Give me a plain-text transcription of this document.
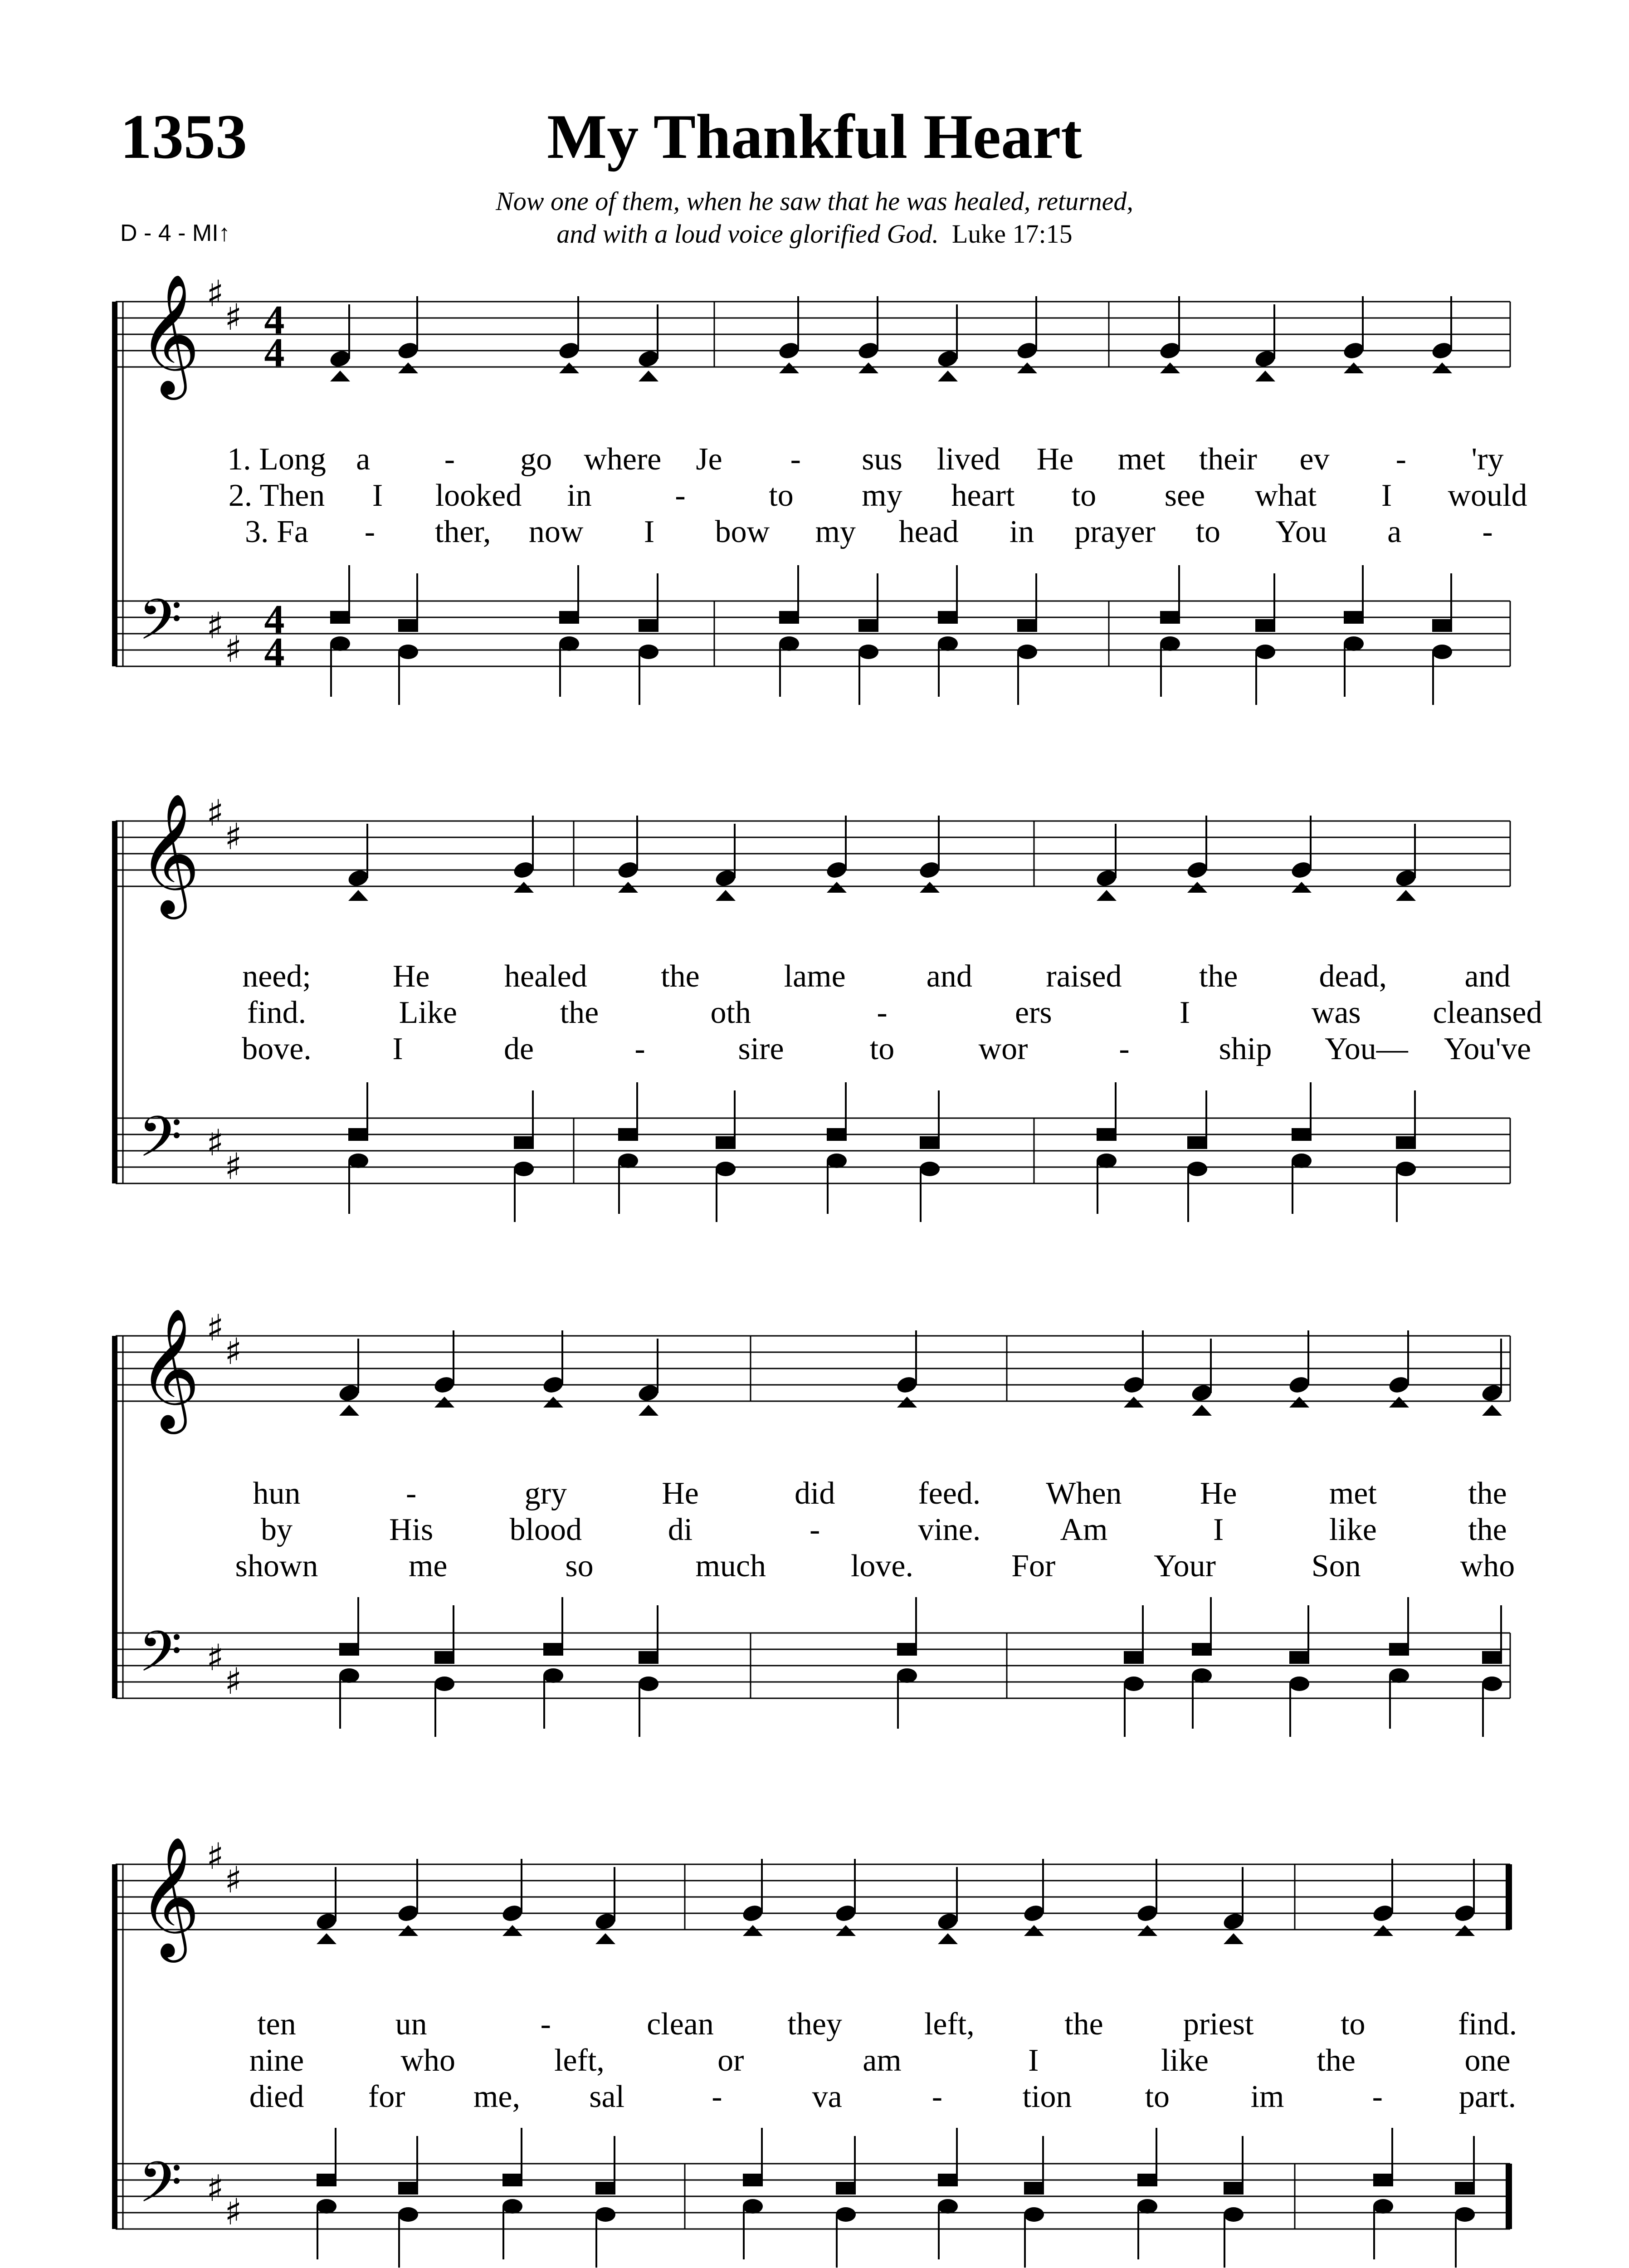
1353	My Thankful Heart
Now one of them, when he saw that he was healed, returned,
and with a loud voice glorified God. Luke 17:15
D - 4 - MI↑
𝄞 ♯
♯ 4
4
𝄢 ♯
♯
4
4
1. Long a - go where Je - sus lived He met their ev - 'ry
2. Then I looked in	-	to my heart to see what I would
3. Fa - ther, now I bow my head in prayer to You a	-
𝄞 ♯
♯
𝄢 ♯
♯
need;	He healed the	lame	and raised the	dead, and
find.	Like	the	oth	-	ers	I	was cleansed
bove.	I	de	-	sire	to	wor	-	ship You— You've
𝄞 ♯
♯
𝄢 ♯
♯
hun	-	gry	He	did	feed. When He	met	the
by	His blood	di	-	vine.	Am	I	like	the
shown	me	so	much	love.	For	Your	Son	who
𝄞 ♯
♯
𝄢 ♯
♯
ten	un	-	clean they	left,	the	priest	to	find.
nine	who	left,	or	am	I	like	the	one
died for me, sal	-	va	-	tion to	im	- part.
